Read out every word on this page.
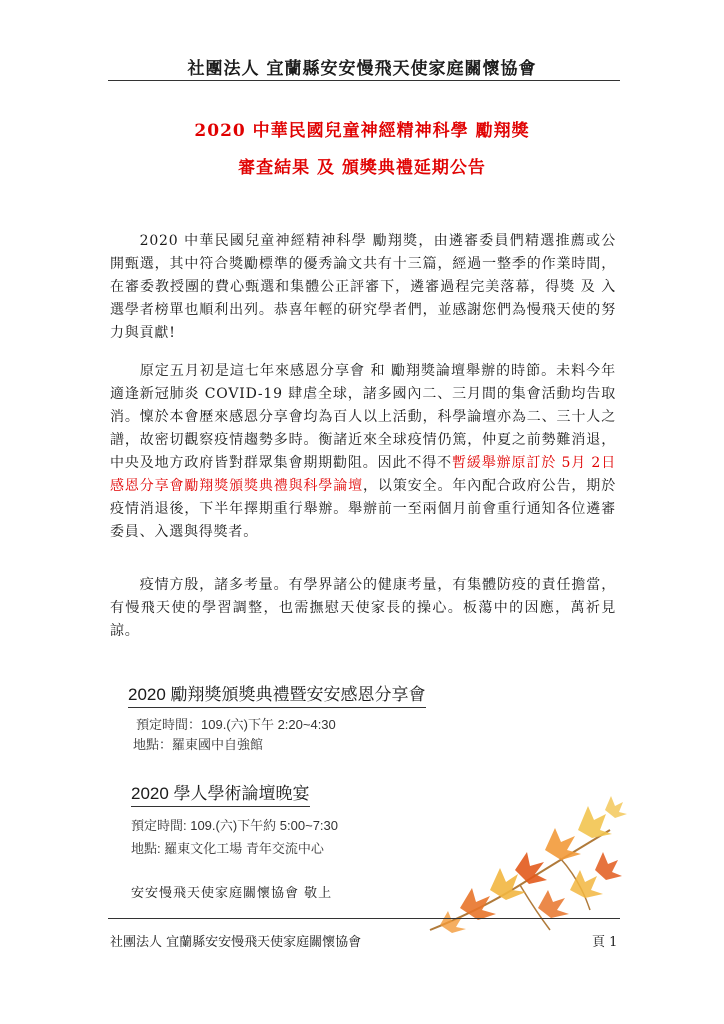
社團法人 宜蘭縣安安慢飛天使家庭關懷協會
2020 中華民國兒童神經精神科學 勵翔獎
審查結果 及 頒獎典禮延期公告

  2020 中華民國兒童神經精神科學 勵翔獎，由遴審委員們精選推薦或公開甄選，其中符合獎勵標準的優秀論文共有十三篇，經過一整季的作業時間，在審委教授團的費心甄選和集體公正評審下，遴審過程完美落幕，得獎 及 入選學者榜單也順利出列。恭喜年輕的研究學者們，並感謝您們為慢飛天使的努力與貢獻!

  原定五月初是這七年來感恩分享會 和 勵翔獎論壇舉辦的時節。未料今年適逢新冠肺炎 COVID-19 肆虐全球，諸多國內二、三月間的集會活動均告取消。懍於本會歷來感恩分享會均為百人以上活動，科學論壇亦為二、三十人之譜，故密切觀察疫情趨勢多時。衡諸近來全球疫情仍篤，仲夏之前勢難消退，中央及地方政府皆對群眾集會期期勸阻。因此不得不暫緩舉辦原訂於 5月 2日 感恩分享會勵翔獎頒獎典禮與科學論壇，以策安全。年內配合政府公告，期於疫情消退後，下半年擇期重行舉辦。舉辦前一至兩個月前會重行通知各位遴審委員、入選與得獎者。

  疫情方殷，諸多考量。有學界諸公的健康考量，有集體防疫的責任擔當，有慢飛天使的學習調整，也需撫慰天使家長的操心。板蕩中的因應，萬祈見諒。

2020 勵翔獎頒獎典禮暨安安感恩分享會
預定時間：109.(六)下午 2:20~4:30
地點：羅東國中自強館
2020 學人學術論壇晚宴
預定時間: 109.(六)下午約 5:00~7:30
地點: 羅東文化工場 青年交流中心
安安慢飛天使家庭關懷協會 敬上
社團法人 宜蘭縣安安慢飛天使家庭關懷協會	頁 1
